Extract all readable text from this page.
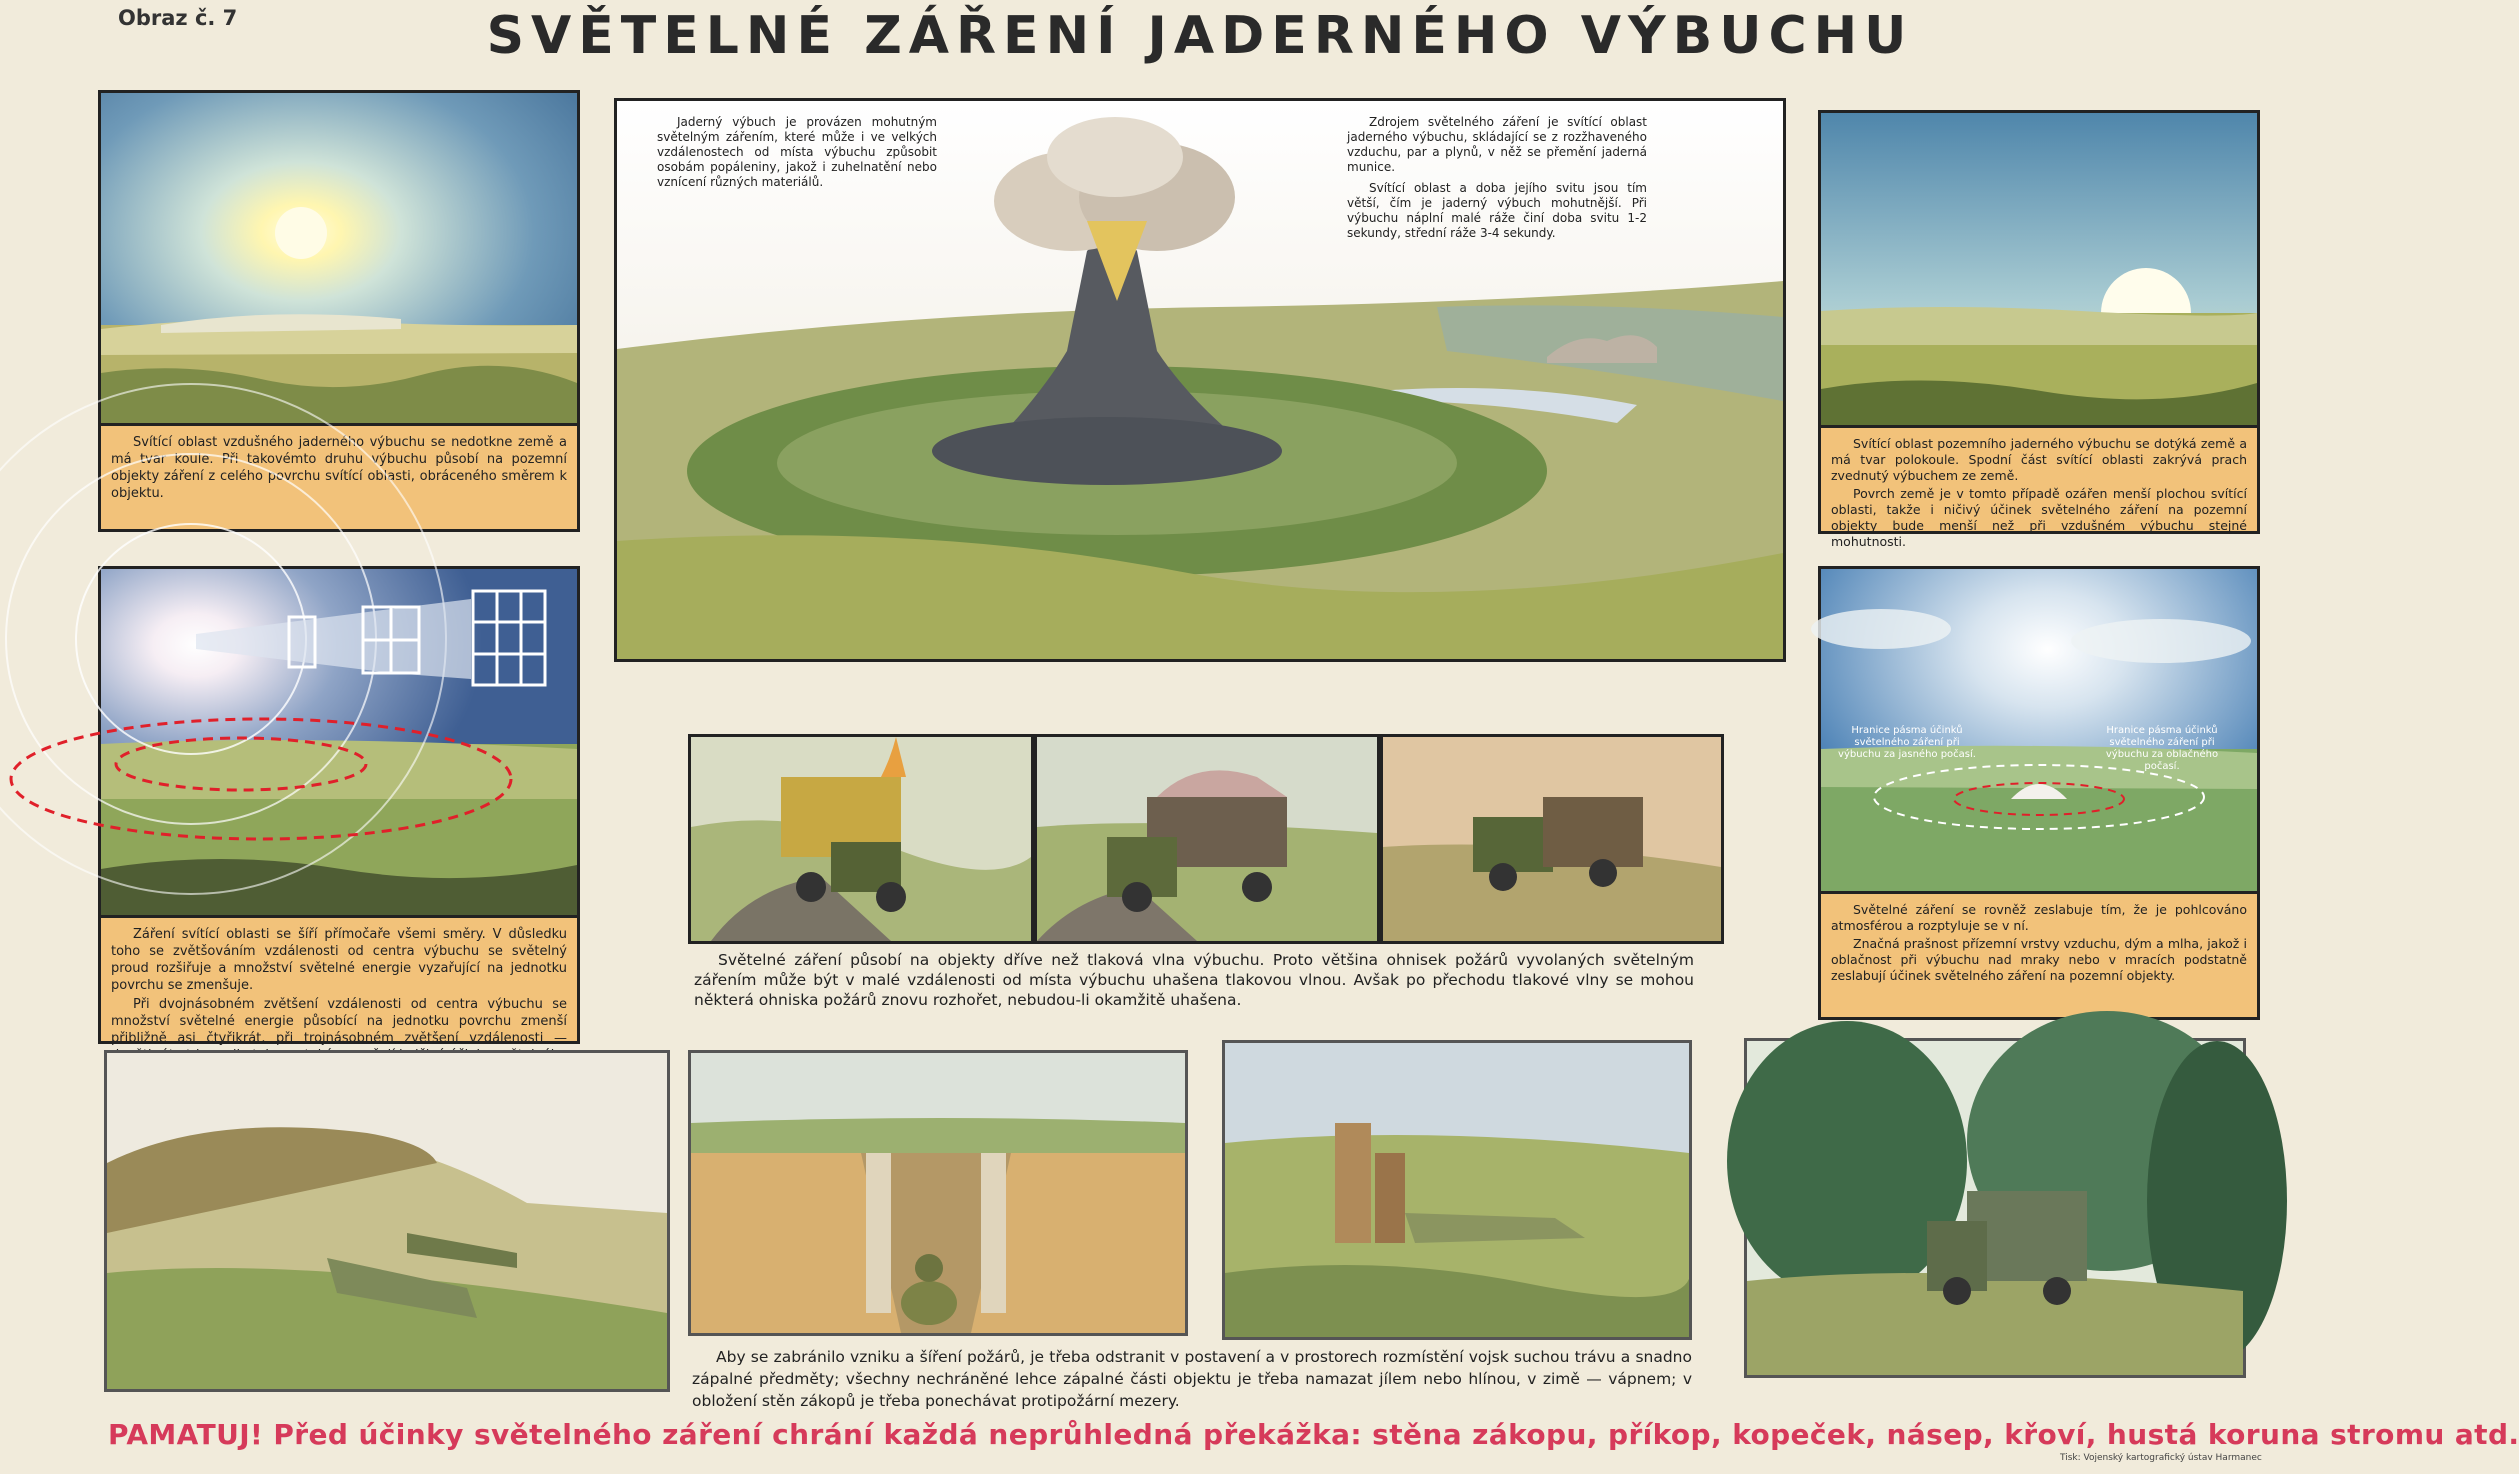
Obraz č. 7	SVĚTELNÉ ZÁŘENÍ JADERNÉHO VÝBUCHU

Svítící oblast vzdušného jaderného výbuchu se nedotkne země a má tvar koule. Při takovémto druhu výbuchu působí na pozemní objekty záření z celého povrchu svítící oblasti, obráceného směrem k objektu.

Záření svítící oblasti se šíří přímočaře všemi směry. V důsledku toho se zvětšováním vzdálenosti od centra výbuchu se světelný proud rozšiřuje a množství světelné energie vyzařující na jednotku povrchu se zmenšuje.

Při dvojnásobném zvětšení vzdálenosti od centra výbuchu se množství světelné energie působící na jednotku povrchu zmenší přibližně asi čtyřikrát, při trojnásobném zvětšení vzdálenosti —

Jaderný výbuch je provázen mohutným světelným zářením, které může i ve velkých vzdálenostech od místa výbuchu způsobit osobám popáleniny, jakož i zuhelnatění nebo vznícení různých materiálů.

Zdrojem světelného záření je svítící oblast jaderného výbuchu, skládající se z rozžhaveného vzduchu, par a plynů, v něž se přemění jaderná munice.

Svítící oblast a doba jejího svitu jsou tím větší, čím je jaderný výbuch mohutnější. Při výbuchu náplní malé ráže činí doba svitu 1-2 sekundy, střední ráže 3-4 sekundy.

Svítící oblast pozemního jaderného výbuchu se dotýká země a má tvar polokoule. Spodní část svítící oblasti zakrývá prach zvednutý výbuchem ze země.

Povrch země je v tomto případě ozářen menší plochou svítící oblasti, takže i ničivý účinek světelného záření na pozemní objekty bude menší než při vzdušném výbuchu stejné mohutnosti.

Hranice pásma účinků světelného záření při výbuchu za jasného počasí.
Hranice pásma účinků světelného záření při výbuchu za oblačného počasí.

Světelné záření se rovněž zeslabuje tím, že je pohlcováno atmosférou a rozptyluje se v ní.

Značná prašnost přízemní vrstvy vzduchu, dým a mlha, jakož i oblačnost při výbuchu nad mraky nebo v mracích podstatně zeslabují účinek světelného záření na pozemní objekty.

Světelné záření působí na objekty dříve než tlaková vlna výbuchu. Proto většina ohnisek požárů vyvolaných světelným zářením může být v malé vzdálenosti od místa výbuchu uhašena tlakovou vlnou. Avšak po přechodu tlakové vlny se mohou některá ohniska požárů znovu rozhořet, nebudou-li okamžitě uhašena.
Aby se zabránilo vzniku a šíření požárů, je třeba odstranit v postavení a v prostorech rozmístění vojsk suchou trávu a snadno zápalné předměty; všechny nechráněné lehce zápalné části objektu je třeba namazat jílem nebo hlínou, v zimě — vápnem; v obložení stěn zákopů je třeba ponechávat protipožární mezery.
PAMATUJ! Před účinky světelného záření chrání každá neprůhledná překážka: stěna zákopu, příkop, kopeček, násep, křoví, hustá koruna stromu atd.
Tisk: Vojenský kartografický ústav Harmanec
